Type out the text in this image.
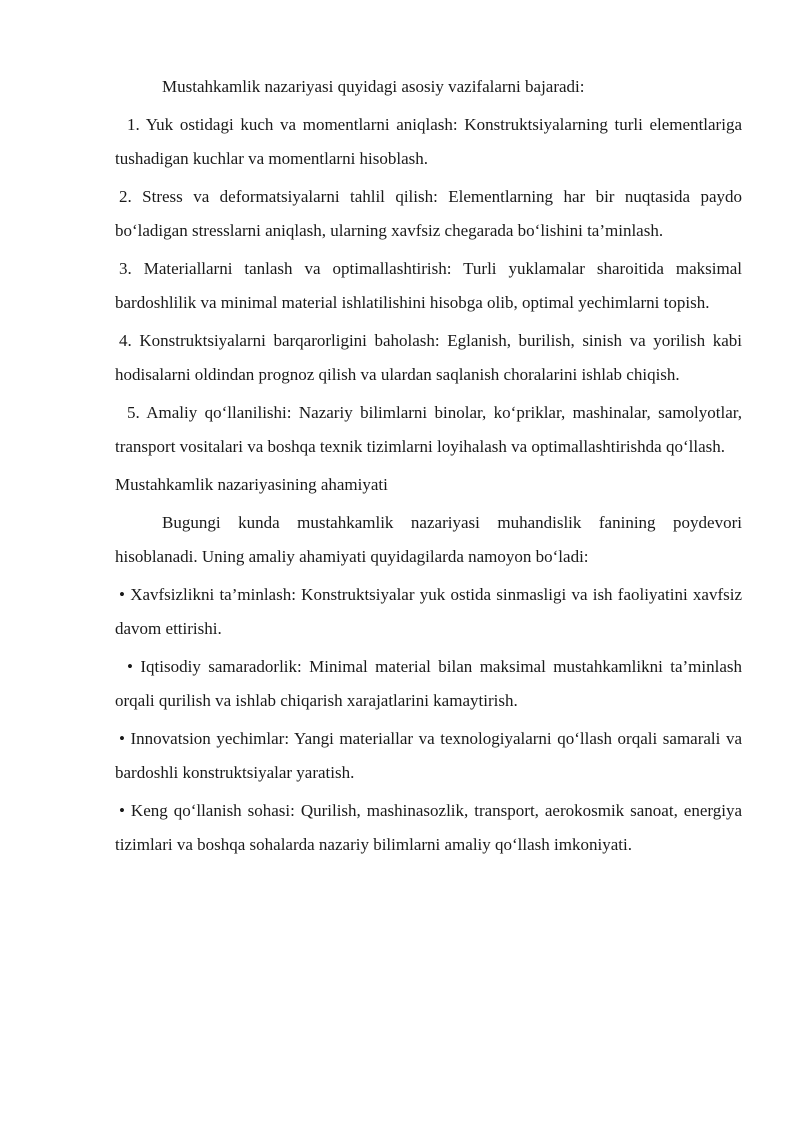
Mustahkamlik nazariyasi quyidagi asosiy vazifalarni bajaradi:

1. Yuk ostidagi kuch va momentlarni aniqlash: Konstruktsiyalarning turli elementlariga tushadigan kuchlar va momentlarni hisoblash.

2. Stress va deformatsiyalarni tahlil qilish: Elementlarning har bir nuqtasida paydo bo‘ladigan stresslarni aniqlash, ularning xavfsiz chegarada bo‘lishini ta’minlash.

3. Materiallarni tanlash va optimallashtirish: Turli yuklamalar sharoitida maksimal bardoshlilik va minimal material ishlatilishini hisobga olib, optimal yechimlarni topish.

4. Konstruktsiyalarni barqarorligini baholash: Eglanish, burilish, sinish va yorilish kabi hodisalarni oldindan prognoz qilish va ulardan saqlanish choralarini ishlab chiqish.

5. Amaliy qo‘llanilishi: Nazariy bilimlarni binolar, ko‘priklar, mashinalar, samolyotlar, transport vositalari va boshqa texnik tizimlarni loyihalash va optimallashtirishda qo‘llash.

Mustahkamlik nazariyasining ahamiyati

Bugungi kunda mustahkamlik nazariyasi muhandislik fanining poydevori hisoblanadi. Uning amaliy ahamiyati quyidagilarda namoyon bo‘ladi:

• Xavfsizlikni ta’minlash: Konstruktsiyalar yuk ostida sinmasligi va ish faoliyatini xavfsiz davom ettirishi.

• Iqtisodiy samaradorlik: Minimal material bilan maksimal mustahkamlikni ta’minlash orqali qurilish va ishlab chiqarish xarajatlarini kamaytirish.

• Innovatsion yechimlar: Yangi materiallar va texnologiyalarni qo‘llash orqali samarali va bardoshli konstruktsiyalar yaratish.

• Keng qo‘llanish sohasi: Qurilish, mashinasozlik, transport, aerokosmik sanoat, energiya tizimlari va boshqa sohalarda nazariy bilimlarni amaliy qo‘llash imkoniyati.
